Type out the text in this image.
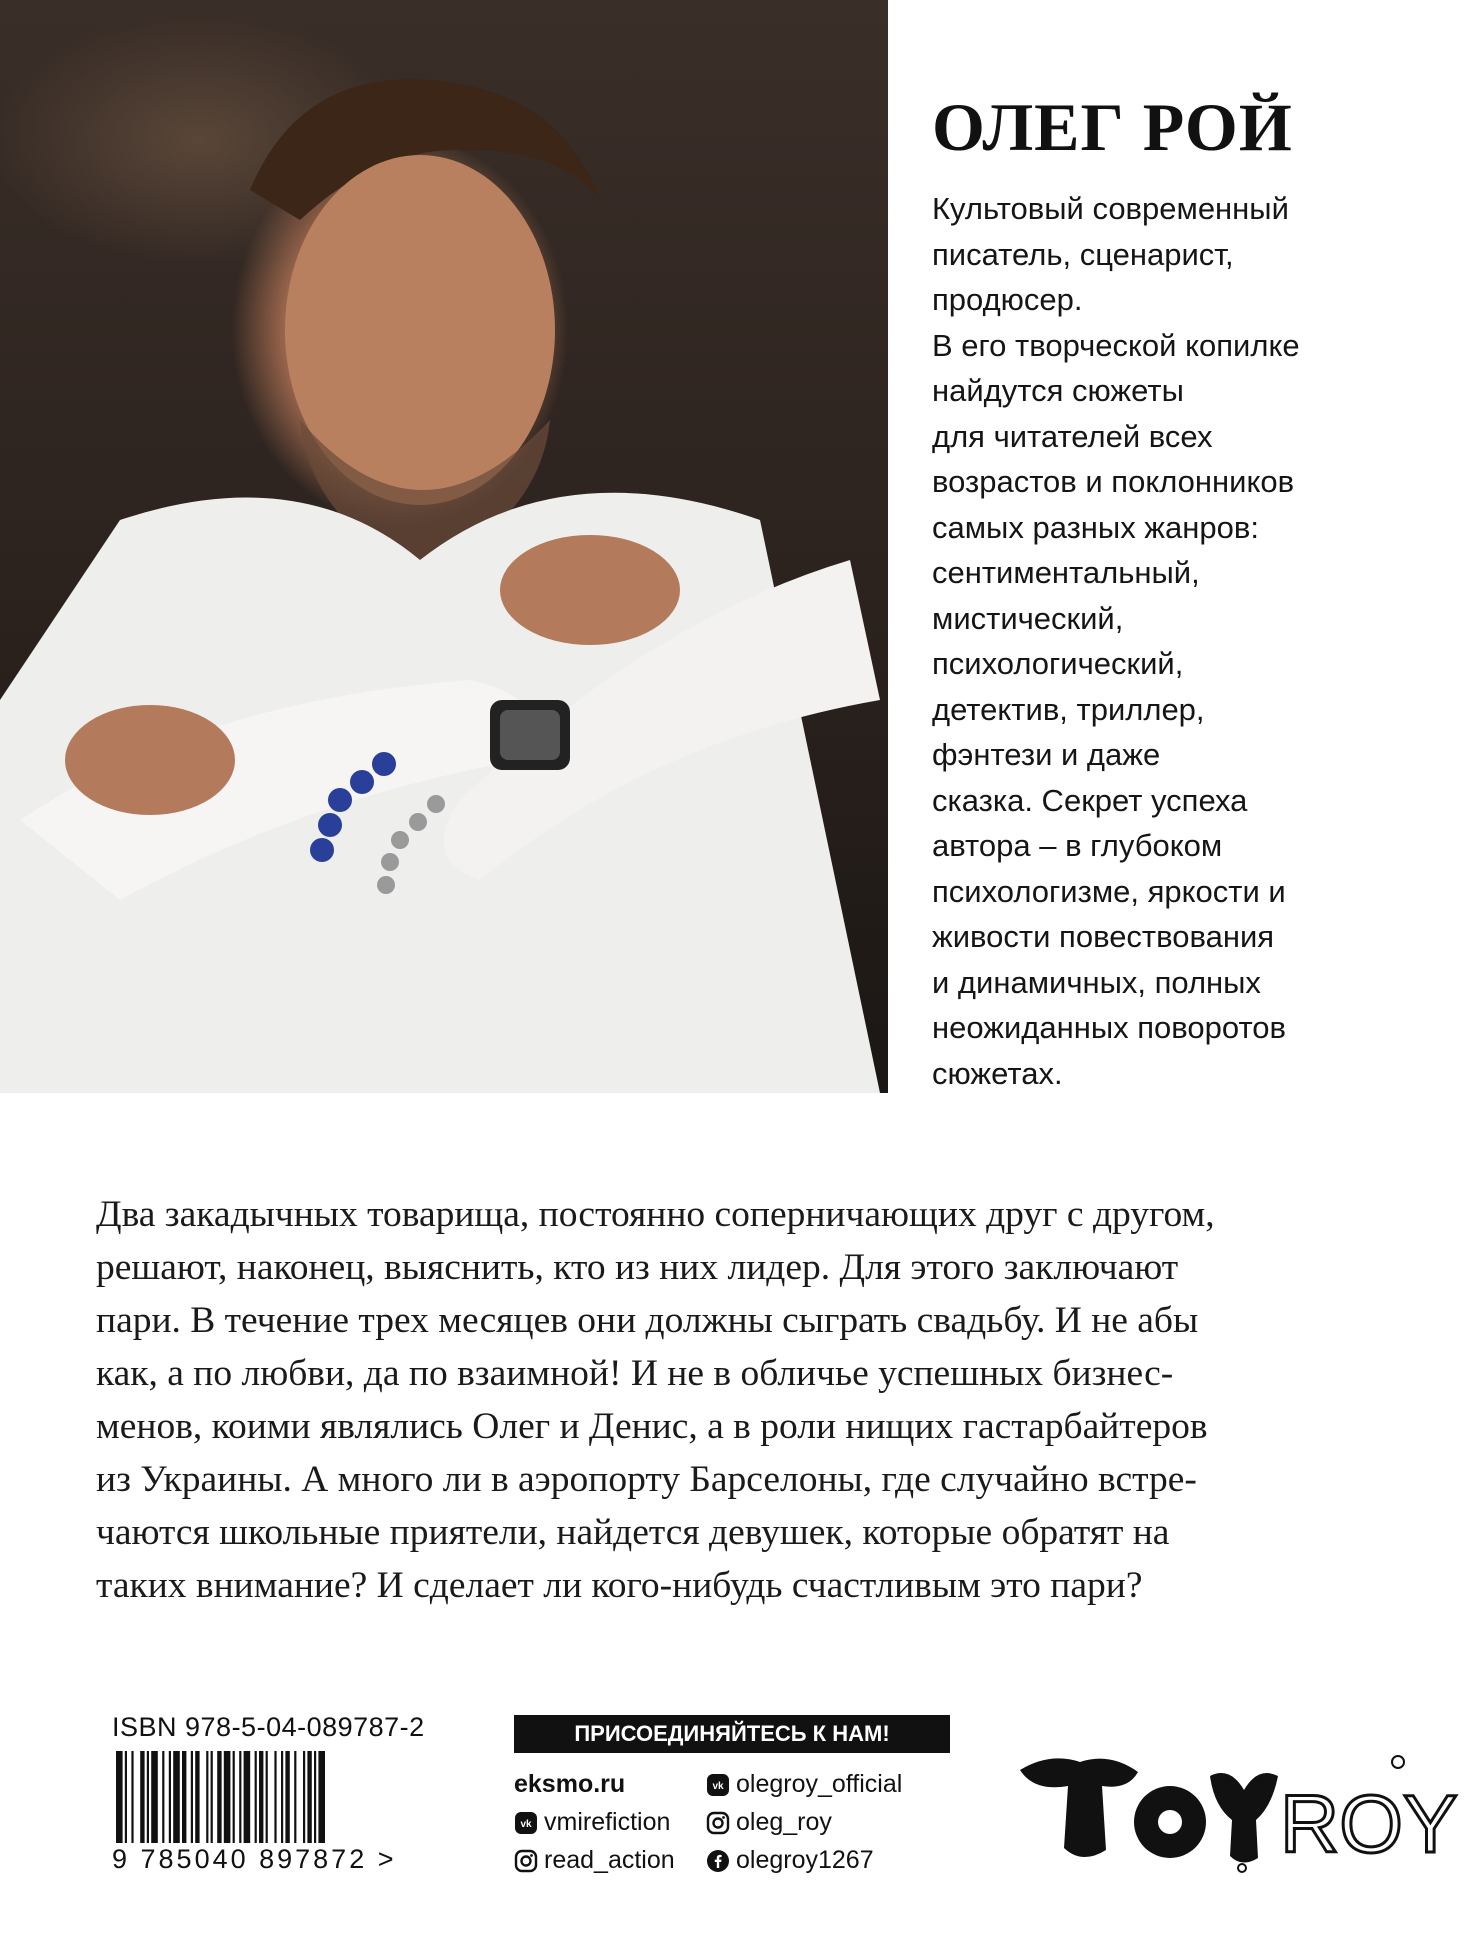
ОЛЕГ РОЙ
Культовый современный
писатель, сценарист,
продюсер.
В его творческой копилке
найдутся сюжеты
для читателей всех
возрастов и поклонников
самых разных жанров:
сентиментальный,
мистический,
психологический,
детектив, триллер,
фэнтези и даже
сказка. Секрет успеха
автора – в глубоком
психологизме, яркости и
живости повествования
и динамичных, полных
неожиданных поворотов
сюжетах.
Два закадычных товарища, постоянно соперничающих друг с другом,
решают, наконец, выяснить, кто из них лидер. Для этого заключают
пари. В течение трех месяцев они должны сыграть свадьбу. И не абы
как, а по любви, да по взаимной! И не в обличье успешных бизнес-
менов, коими являлись Олег и Денис, а в роли нищих гастарбайтеров
из Украины. А много ли в аэропорту Барселоны, где случайно встре-
чаются школьные приятели, найдется девушек, которые обратят на
таких внимание? И сделает ли кого-нибудь счастливым это пари?
ISBN 978-5-04-089787-2
9 785040 897872 >
ПРИСОЕДИНЯЙТЕСЬ К НАМ!
eksmo.ru
vk vmirefiction
read_action
vk olegroy_official
oleg_roy
olegroy1267	ROY
